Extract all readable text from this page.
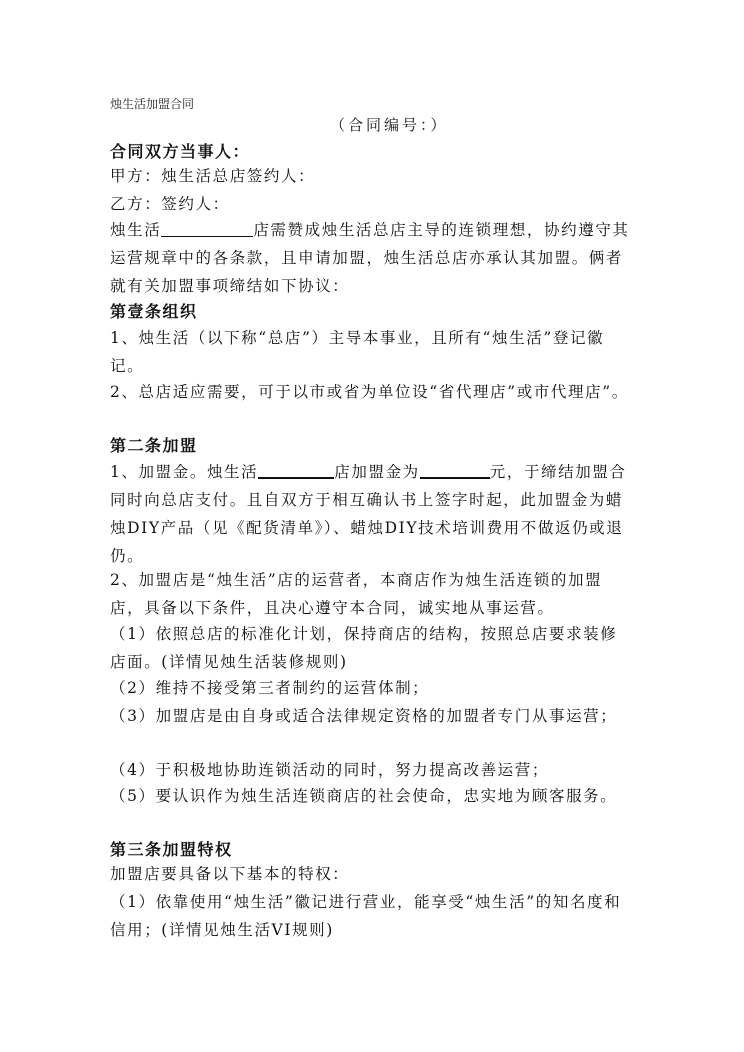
烛生活加盟合同
（合同编号：）
合同双方当事人：
甲方：烛生活总店签约人：
乙方：签约人：
烛生活	店需赞成烛生活总店主导的连锁理想，协约遵守其运营规章中的各条款，且申请加盟，烛生活总店亦承认其加盟。俩者就有关加盟事项缔结如下协议：
第壹条组织
1、烛生活（以下称“总店”）主导本事业，且所有“烛生活”登记徽记。
2、总店适应需要，可于以市或省为单位设“省代理店”或市代理店”。
第二条加盟
1、加盟金。烛生活	店加盟金为	元，于缔结加盟合同时向总店支付。且自双方于相互确认书上签字时起，此加盟金为蜡烛DIY产品（见《配货清单》）、蜡烛DIY技术培训费用不做返仍或退仍。
2、加盟店是“烛生活”店的运营者，本商店作为烛生活连锁的加盟店，具备以下条件，且决心遵守本合同，诚实地从事运营。
（1）依照总店的标准化计划，保持商店的结构，按照总店要求装修店面。(详情见烛生活装修规则)
（2）维持不接受第三者制约的运营体制；
（3）加盟店是由自身或适合法律规定资格的加盟者专门从事运营；
（4）于积极地协助连锁活动的同时，努力提高改善运营；
（5）要认识作为烛生活连锁商店的社会使命，忠实地为顾客服务。
第三条加盟特权
加盟店要具备以下基本的特权：
（1）依靠使用“烛生活”徽记进行营业，能享受“烛生活”的知名度和信用；(详情见烛生活VI规则)
